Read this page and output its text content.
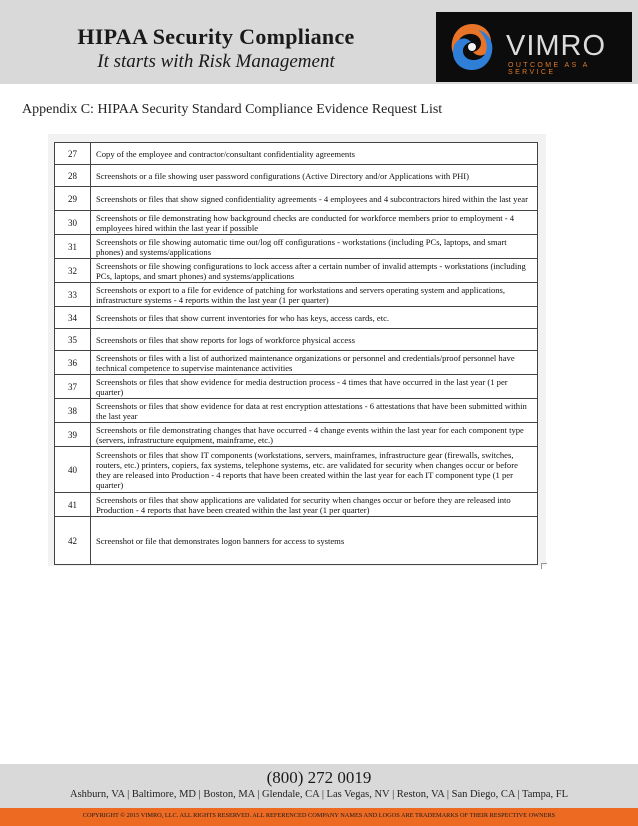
HIPAA Security Compliance
It starts with Risk Management	VIMRO
OUTCOME AS A SERVICE
Appendix C: HIPAA Security Standard Compliance Evidence Request List
27	Copy of the employee and contractor/consultant confidentiality agreements
28	Screenshots or a file showing user password configurations (Active Directory and/or Applications with PHI)
29	Screenshots or files that show signed confidentiality agreements - 4 employees and 4 subcontractors hired within the last year
30	Screenshots or file demonstrating how background checks are conducted for workforce members prior to employment - 4 employees hired within the last year if possible
31	Screenshots or file showing automatic time out/log off configurations - workstations (including PCs, laptops, and smart phones) and systems/applications
32	Screenshots or file showing configurations to lock access after a certain number of invalid attempts - workstations (including PCs, laptops, and smart phones) and systems/applications
33	Screenshots or export to a file for evidence of patching for workstations and servers operating system and applications, infrastructure systems - 4 reports within the last year (1 per quarter)
34	Screenshots or files that show current inventories for who has keys, access cards, etc.
35	Screenshots or files that show reports for logs of workforce physical access
36	Screenshots or files with a list of authorized maintenance organizations or personnel and credentials/proof personnel have technical competence to supervise maintenance activities
37	Screenshots or files that show evidence for media destruction process - 4 times that have occurred in the last year (1 per quarter)
38	Screenshots or files that show evidence for data at rest encryption attestations - 6 attestations that have been submitted within the last year
39	Screenshots or file demonstrating changes that have occurred - 4 change events within the last year for each component type (servers, infrastructure equipment, mainframe, etc.)
40	Screenshots or files that show IT components (workstations, servers, mainframes, infrastructure gear (firewalls, switches, routers, etc.) printers, copiers, fax systems, telephone systems, etc. are validated for security when changes occur or before they are released into Production - 4 reports that have been created within the last year for each IT component type (1 per quarter)
41	Screenshots or files that show applications are validated for security when changes occur or before they are released into Production - 4 reports that have been created within the last year (1 per quarter)
42	Screenshot or file that demonstrates logon banners for access to systems
(800) 272 0019
Ashburn, VA | Baltimore, MD | Boston, MA | Glendale, CA | Las Vegas, NV | Reston, VA | San Diego, CA | Tampa, FL
COPYRIGHT © 2015 VIMRO, LLC. ALL RIGHTS RESERVED. ALL REFERENCED COMPANY NAMES AND LOGOS ARE TRADEMARKS OF THEIR RESPECTIVE OWNERS
